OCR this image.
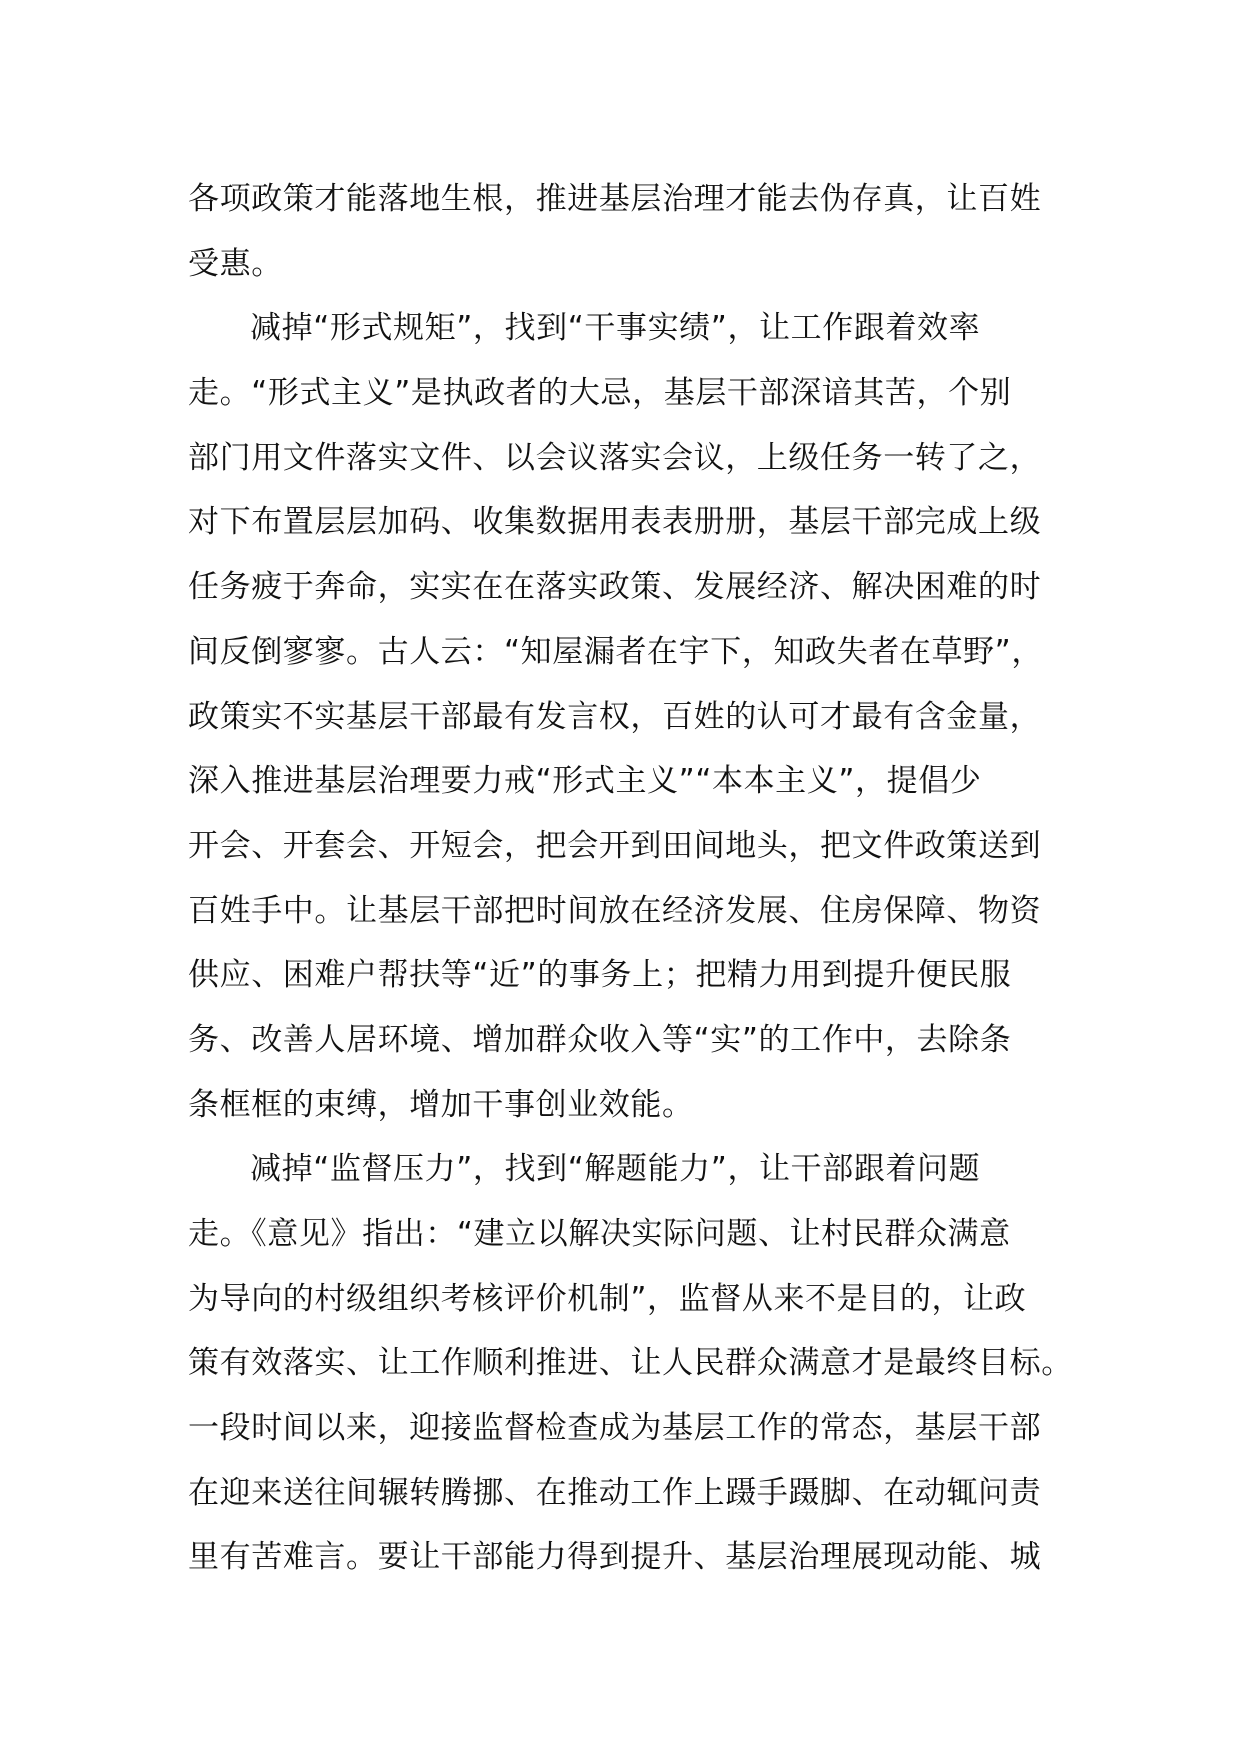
各项政策才能落地生根，推进基层治理才能去伪存真，让百姓
受惠。
减掉“形式规矩”，找到“干事实绩”，让工作跟着效率
走。“形式主义”是执政者的大忌，基层干部深谙其苦，个别
部门用文件落实文件、以会议落实会议，上级任务一转了之，
对下布置层层加码、收集数据用表表册册，基层干部完成上级
任务疲于奔命，实实在在落实政策、发展经济、解决困难的时
间反倒寥寥。古人云：“知屋漏者在宇下，知政失者在草野”，
政策实不实基层干部最有发言权，百姓的认可才最有含金量，
深入推进基层治理要力戒“形式主义”“本本主义”，提倡少
开会、开套会、开短会，把会开到田间地头，把文件政策送到
百姓手中。让基层干部把时间放在经济发展、住房保障、物资
供应、困难户帮扶等“近”的事务上；把精力用到提升便民服
务、改善人居环境、增加群众收入等“实”的工作中，去除条
条框框的束缚，增加干事创业效能。
减掉“监督压力”，找到“解题能力”，让干部跟着问题
走。《意见》指出：“建立以解决实际问题、让村民群众满意
为导向的村级组织考核评价机制”，监督从来不是目的，让政
策有效落实、让工作顺利推进、让人民群众满意才是最终目标。
一段时间以来，迎接监督检查成为基层工作的常态，基层干部
在迎来送往间辗转腾挪、在推动工作上蹑手蹑脚、在动辄问责
里有苦难言。要让干部能力得到提升、基层治理展现动能、城
